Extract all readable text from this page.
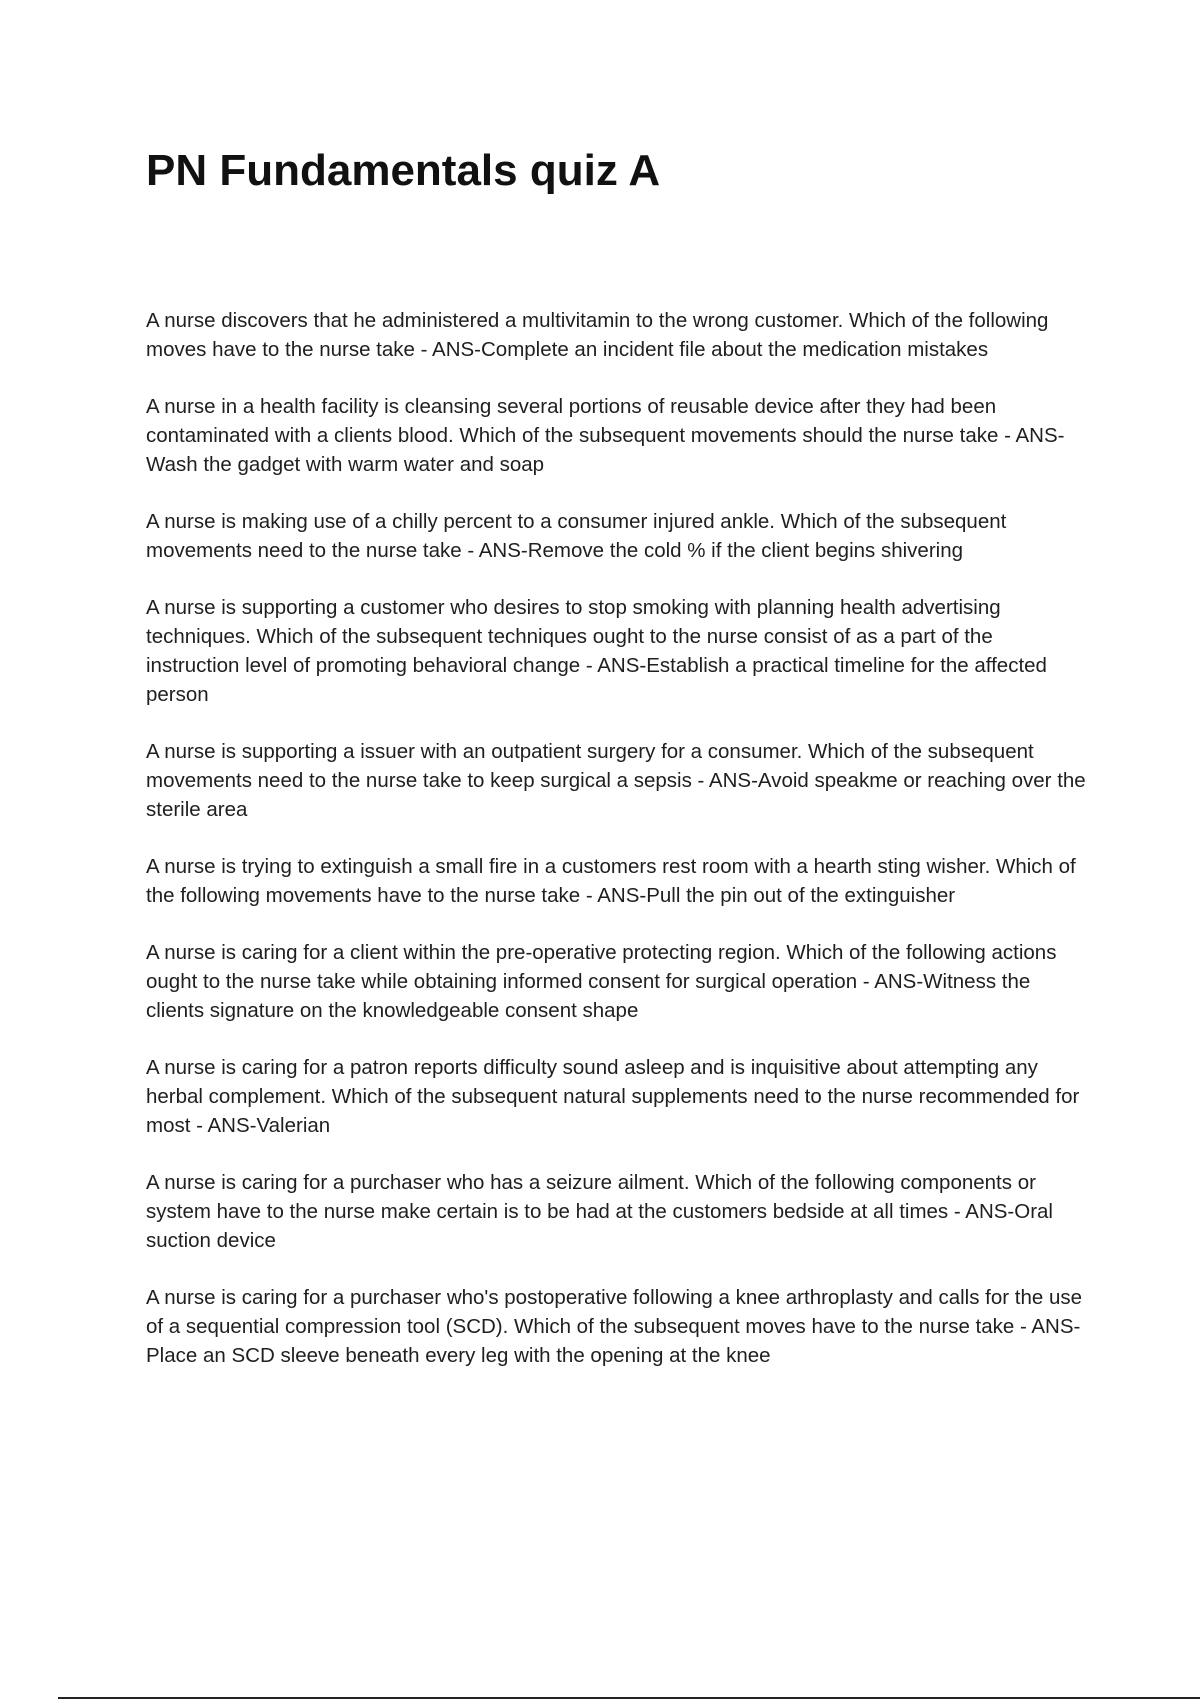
PN Fundamentals quiz A

A nurse discovers that he administered a multivitamin to the wrong customer. Which of the following moves have to the nurse take - ANS-Complete an incident file about the medication mistakes

A nurse in a health facility is cleansing several portions of reusable device after they had been contaminated with a clients blood. Which of the subsequent movements should the nurse take - ANS-Wash the gadget with warm water and soap

A nurse is making use of a chilly percent to a consumer injured ankle. Which of the subsequent movements need to the nurse take - ANS-Remove the cold % if the client begins shivering

A nurse is supporting a customer who desires to stop smoking with planning health advertising techniques. Which of the subsequent techniques ought to the nurse consist of as a part of the instruction level of promoting behavioral change - ANS-Establish a practical timeline for the affected person

A nurse is supporting a issuer with an outpatient surgery for a consumer. Which of the subsequent movements need to the nurse take to keep surgical a sepsis - ANS-Avoid speakme or reaching over the sterile area

A nurse is trying to extinguish a small fire in a customers rest room with a hearth sting wisher. Which of the following movements have to the nurse take - ANS-Pull the pin out of the extinguisher

A nurse is caring for a client within the pre-operative protecting region. Which of the following actions ought to the nurse take while obtaining informed consent for surgical operation - ANS-Witness the clients signature on the knowledgeable consent shape

A nurse is caring for a patron reports difficulty sound asleep and is inquisitive about attempting any herbal complement. Which of the subsequent natural supplements need to the nurse recommended for most - ANS-Valerian

A nurse is caring for a purchaser who has a seizure ailment. Which of the following components or system have to the nurse make certain is to be had at the customers bedside at all times - ANS-Oral suction device

A nurse is caring for a purchaser who's postoperative following a knee arthroplasty and calls for the use of a sequential compression tool (SCD). Which of the subsequent moves have to the nurse take - ANS-Place an SCD sleeve beneath every leg with the opening at the knee
